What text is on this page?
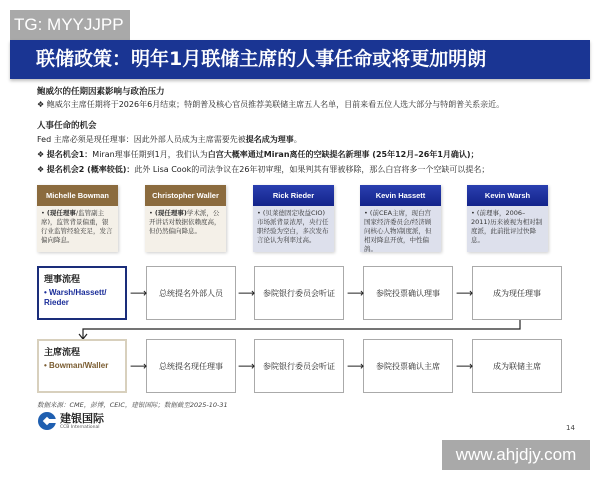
TG: MYYJJPP
联储政策：明年1月联储主席的人事任命或将更加明朗
鲍威尔的任期因素影响与政治压力
❖ 鲍威尔主席任期将于2026年6月结束；特朗普及核心官员推荐美联储主席五人名单，目前来看五位人选大部分与特朗普关系亲近。
人事任命的机会
Fed 主席必须是现任理事：因此外部人员成为主席需要先被提名成为理事。
❖ 提名机会1：Miran理事任期到1月，我们认为白宫大概率通过Miran离任的空缺提名新理事 (25年12月–26年1月确认)；
❖ 提名机会2 (概率较低)：此外 Lisa Cook的司法争议在26年初审理，如果判其有罪被移除，那么白宫将多一个空缺可以提名；
Michelle Bowman
• (现任理事/监管副主席)，监管背景偏重，银行业监管经验充足，发言偏向降息。
Christopher Waller
• (现任理事)学术派，公开讲话对数据依赖度高，但仍然偏向降息。
Rick Rieder
• (贝莱德固定收益CIO)市场派背景浓厚，央行任职经验为空白，多次发布言论认为利率过高。
Kevin Hassett
• (前CEA主席，现白宫国家经济委员会/经济顾问核心人物)制度派，但相对降息开放，中性偏鸽。
Kevin Warsh
• (前理事，2006–2011)历来被视为相对制度派，此前批评过快降息。
理事流程
• Warsh/Hassett/ Rieder
总统提名外部人员	参院银行委员会听证	参院投票确认理事	成为现任理事
⟶	⟶	⟶	⟶
主席流程
• Bowman/Waller	总统提名现任理事	参院银行委员会听证	参院投票确认主席	成为联储主席
⟶	⟶	⟶	⟶
数据来源：CME，彭博，CEIC，建银国际；数据截至2025-10-31
建银国际
CCB International	14
www.ahjdjy.com
